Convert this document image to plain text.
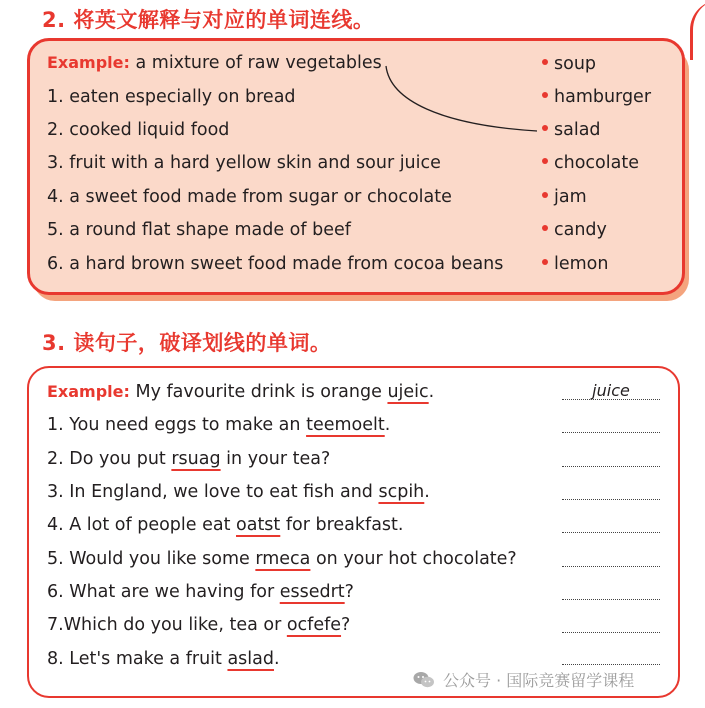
2. 将英文解释与对应的单词连线。
Example: a mixture of raw vegetables
1. eaten especially on bread
2. cooked liquid food
3. fruit with a hard yellow skin and sour juice
4. a sweet food made from sugar or chocolate
5. a round flat shape made of beef
6. a hard brown sweet food made from cocoa beans
soup
hamburger
salad
chocolate
jam
candy
lemon
3. 读句子，破译划线的单词。
Example: My favourite drink is orange ujeic.	juice
1. You need eggs to make an teemoelt.
2. Do you put rsuag in your tea?
3. In England, we love to eat fish and scpih.
4. A lot of people eat oatst for breakfast.
5. Would you like some rmeca on your hot chocolate?
6. What are we having for essedrt?
7.Which do you like, tea or ocfefe?
8. Let's make a fruit aslad.
公众号 · 国际竞赛留学课程
